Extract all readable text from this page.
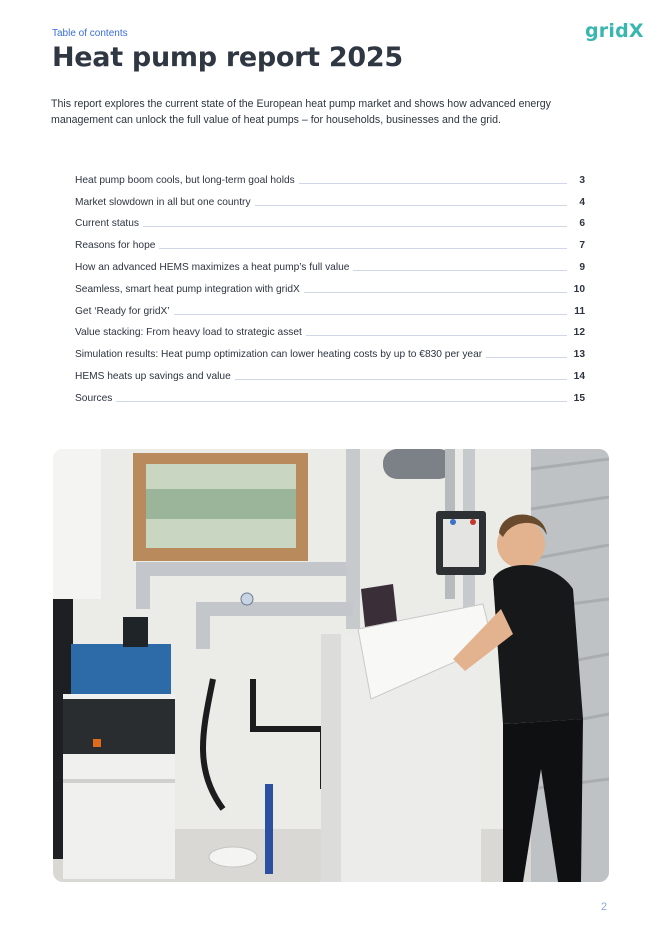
Table of contents	gridX
Heat pump report 2025
This report explores the current state of the European heat pump market and shows how advanced energy management can unlock the full value of heat pumps – for households, businesses and the grid.
Heat pump boom cools, but long-term goal holds	3
Market slowdown in all but one country	4
Current status	6
Reasons for hope	7
How an advanced HEMS maximizes a heat pump’s full value	9
Seamless, smart heat pump integration with gridX	10
Get ‘Ready for gridX’	11
Value stacking: From heavy load to strategic asset	12
Simulation results: Heat pump optimization can lower heating costs by up to €830 per year	13
HEMS heats up savings and value	14
Sources	15
2
